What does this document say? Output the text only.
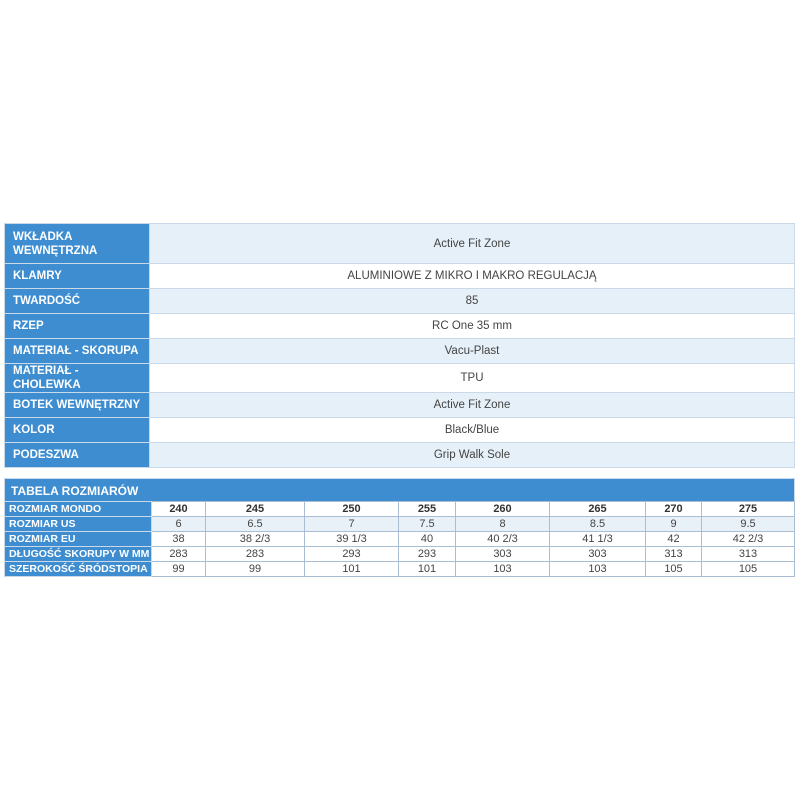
WKŁADKA WEWNĘTRZNA	Active Fit Zone
KLAMRY	ALUMINIOWE Z MIKRO I MAKRO REGULACJĄ
TWARDOŚĆ	85
RZEP	RC One 35 mm
MATERIAŁ - SKORUPA	Vacu-Plast
MATERIAŁ - CHOLEWKA	TPU
BOTEK WEWNĘTRZNY	Active Fit Zone
KOLOR	Black/Blue
PODESZWA	Grip Walk Sole
TABELA ROZMIARÓW
ROZMIAR MONDO	240	245	250	255	260	265	270	275
ROZMIAR US	6	6.5	7	7.5	8	8.5	9	9.5
ROZMIAR EU	38	38 2/3	39 1/3	40	40 2/3	41 1/3	42	42 2/3
DŁUGOŚĆ SKORUPY W MM	283	283	293	293	303	303	313	313
SZEROKOŚĆ ŚRÓDSTOPIA	99	99	101	101	103	103	105	105
